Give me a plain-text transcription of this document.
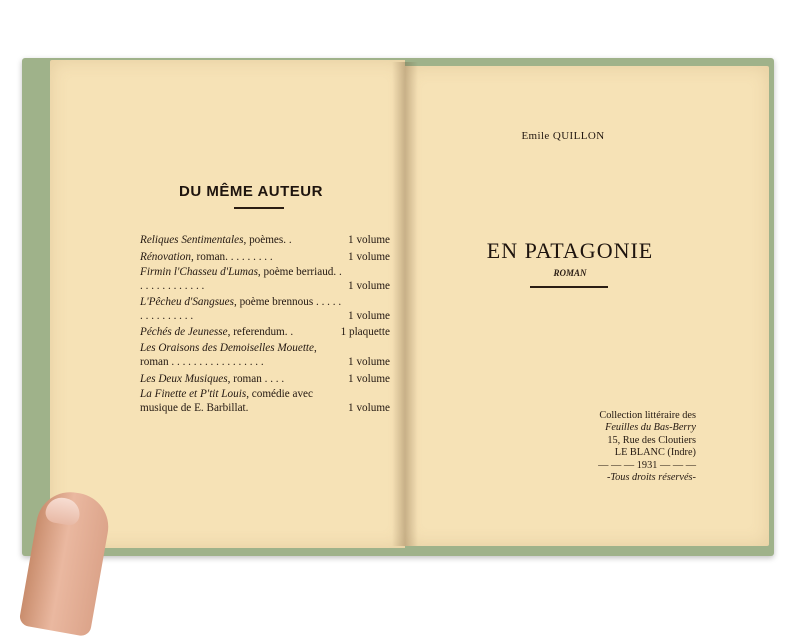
DU MÊME AUTEUR
Reliques Sentimentales, poèmes. .	1 volume
Rénovation, roman. . . . . . . . .	1 volume
Firmin l'Chasseu d'Lumas, poème berriaud. . . . . . . . . . . . . .	1 volume
L'Pêcheu d'Sangsues, poème brennous . . . . . . . . . . . . . . .	1 volume
Péchés de Jeunesse, referendum. .	1 plaquette
Les Oraisons des Demoiselles Mouette, roman . . . . . . . . . . . . . . . . .	1 volume
Les Deux Musiques, roman . . . .	1 volume
La Finette et P'tit Louis, comédie avec musique de E. Barbillat.	1 volume
Emile QUILLON
EN PATAGONIE
ROMAN
Collection littéraire des
Feuilles du Bas-Berry
15, Rue des Cloutiers
LE BLANC (Indre)
— — — 1931 — — —
-Tous droits réservés-
